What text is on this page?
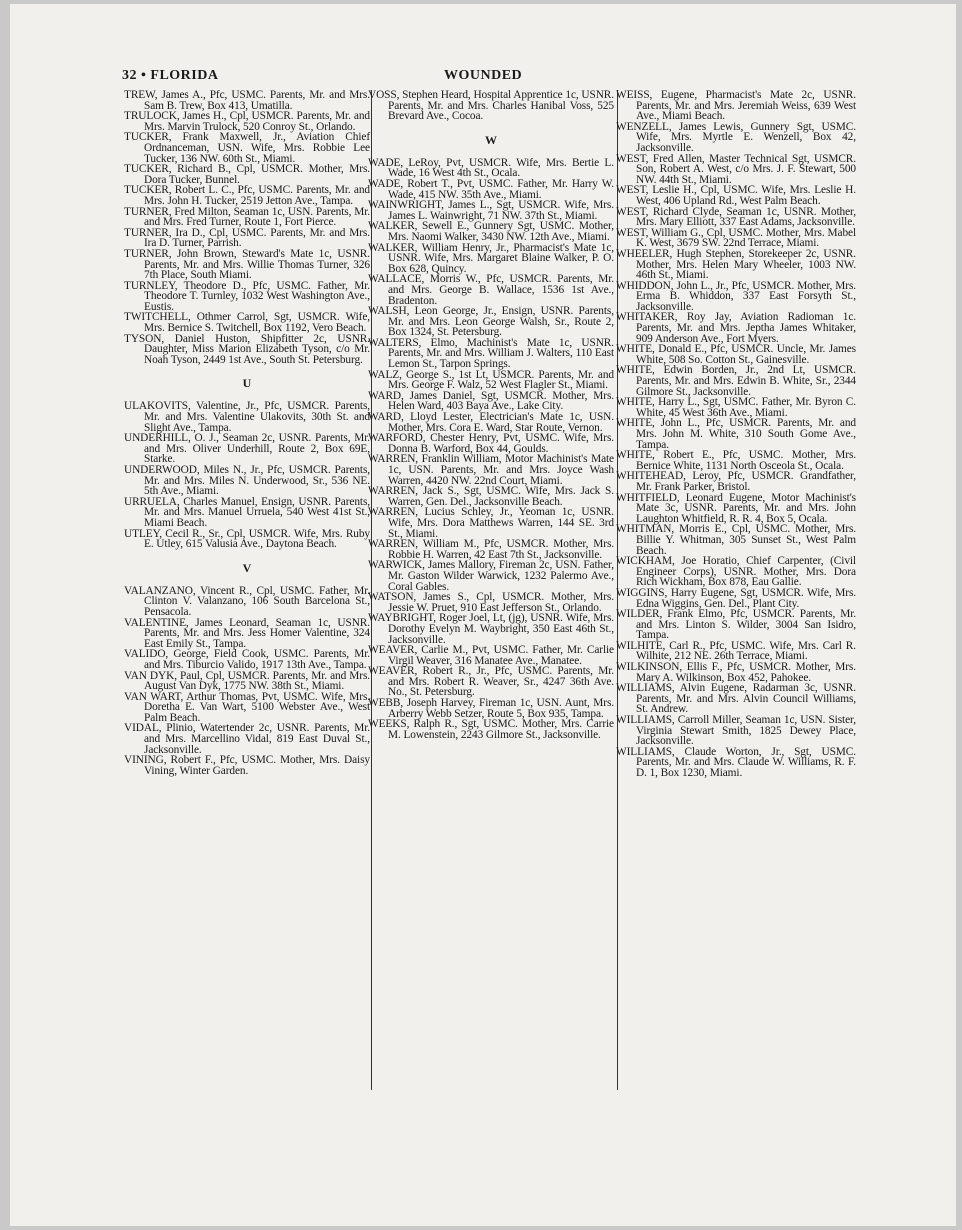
32 • FLORIDA	WOUNDED

TREW, James A., Pfc, USMC. Parents, Mr. and Mrs. Sam B. Trew, Box 413, Umatilla.

TRULOCK, James H., Cpl, USMCR. Parents, Mr. and Mrs. Marvin Trulock, 520 Conroy St., Orlando.

TUCKER, Frank Maxwell, Jr., Aviation Chief Ordnanceman, USN. Wife, Mrs. Robbie Lee Tucker, 136 NW. 60th St., Miami.

TUCKER, Richard B., Cpl, USMCR. Mother, Mrs. Dora Tucker, Bunnel.

TUCKER, Robert L. C., Pfc, USMC. Parents, Mr. and Mrs. John H. Tucker, 2519 Jetton Ave., Tampa.

TURNER, Fred Milton, Seaman 1c, USN. Parents, Mr. and Mrs. Fred Turner, Route 1, Fort Pierce.

TURNER, Ira D., Cpl, USMC. Parents, Mr. and Mrs. Ira D. Turner, Parrish.

TURNER, John Brown, Steward's Mate 1c, USNR. Parents, Mr. and Mrs. Willie Thomas Turner, 326 7th Place, South Miami.

TURNLEY, Theodore D., Pfc, USMC. Father, Mr. Theodore T. Turnley, 1032 West Washington Ave., Eustis.

TWITCHELL, Othmer Carrol, Sgt, USMCR. Wife, Mrs. Bernice S. Twitchell, Box 1192, Vero Beach.

TYSON, Daniel Huston, Shipfitter 2c, USNR. Daughter, Miss Marion Elizabeth Tyson, c/o Mr. Noah Tyson, 2449 1st Ave., South St. Petersburg.

U

ULAKOVITS, Valentine, Jr., Pfc, USMCR. Parents, Mr. and Mrs. Valentine Ulakovits, 30th St. and Slight Ave., Tampa.

UNDERHILL, O. J., Seaman 2c, USNR. Parents, Mr. and Mrs. Oliver Underhill, Route 2, Box 69E, Starke.

UNDERWOOD, Miles N., Jr., Pfc, USMCR. Parents, Mr. and Mrs. Miles N. Underwood, Sr., 536 NE. 5th Ave., Miami.

URRUELA, Charles Manuel, Ensign, USNR. Parents, Mr. and Mrs. Manuel Urruela, 540 West 41st St., Miami Beach.

UTLEY, Cecil R., Sr., Cpl, USMCR. Wife, Mrs. Ruby E. Utley, 615 Valusia Ave., Daytona Beach.

V

VALANZANO, Vincent R., Cpl, USMC. Father, Mr. Clinton V. Valanzano, 106 South Barcelona St., Pensacola.

VALENTINE, James Leonard, Seaman 1c, USNR. Parents, Mr. and Mrs. Jess Homer Valentine, 324 East Emily St., Tampa.

VALIDO, George, Field Cook, USMC. Parents, Mr. and Mrs. Tiburcio Valido, 1917 13th Ave., Tampa.

VAN DYK, Paul, Cpl, USMCR. Parents, Mr. and Mrs. August Van Dyk, 1775 NW. 38th St., Miami.

VAN WART, Arthur Thomas, Pvt, USMC. Wife, Mrs. Doretha E. Van Wart, 5100 Webster Ave., West Palm Beach.

VIDAL, Plinio, Watertender 2c, USNR. Parents, Mr. and Mrs. Marcellino Vidal, 819 East Duval St., Jacksonville.

VINING, Robert F., Pfc, USMC. Mother, Mrs. Daisy Vining, Winter Garden.

VOSS, Stephen Heard, Hospital Apprentice 1c, USNR. Parents, Mr. and Mrs. Charles Hanibal Voss, 525 Brevard Ave., Cocoa.

W

WADE, LeRoy, Pvt, USMCR. Wife, Mrs. Bertie L. Wade, 16 West 4th St., Ocala.

WADE, Robert T., Pvt, USMC. Father, Mr. Harry W. Wade, 415 NW. 35th Ave., Miami.

WAINWRIGHT, James L., Sgt, USMCR. Wife, Mrs. James L. Wainwright, 71 NW. 37th St., Miami.

WALKER, Sewell E., Gunnery Sgt, USMC. Mother, Mrs. Naomi Walker, 3430 NW. 12th Ave., Miami.

WALKER, William Henry, Jr., Pharmacist's Mate 1c, USNR. Wife, Mrs. Margaret Blaine Walker, P. O. Box 628, Quincy.

WALLACE, Morris W., Pfc, USMCR. Parents, Mr. and Mrs. George B. Wallace, 1536 1st Ave., Bradenton.

WALSH, Leon George, Jr., Ensign, USNR. Parents, Mr. and Mrs. Leon George Walsh, Sr., Route 2, Box 1324, St. Petersburg.

WALTERS, Elmo, Machinist's Mate 1c, USNR. Parents, Mr. and Mrs. William J. Walters, 110 East Lemon St., Tarpon Springs.

WALZ, George S., 1st Lt, USMCR. Parents, Mr. and Mrs. George F. Walz, 52 West Flagler St., Miami.

WARD, James Daniel, Sgt, USMCR. Mother, Mrs. Helen Ward, 403 Baya Ave., Lake City.

WARD, Lloyd Lester, Electrician's Mate 1c, USN. Mother, Mrs. Cora E. Ward, Star Route, Vernon.

WARFORD, Chester Henry, Pvt, USMC. Wife, Mrs. Donna B. Warford, Box 44, Goulds.

WARREN, Franklin William, Motor Machinist's Mate 1c, USN. Parents, Mr. and Mrs. Joyce Wash Warren, 4420 NW. 22nd Court, Miami.

WARREN, Jack S., Sgt, USMC. Wife, Mrs. Jack S. Warren, Gen. Del., Jacksonville Beach.

WARREN, Lucius Schley, Jr., Yeoman 1c, USNR. Wife, Mrs. Dora Matthews Warren, 144 SE. 3rd St., Miami.

WARREN, William M., Pfc, USMCR. Mother, Mrs. Robbie H. Warren, 42 East 7th St., Jacksonville.

WARWICK, James Mallory, Fireman 2c, USN. Father, Mr. Gaston Wilder Warwick, 1232 Palermo Ave., Coral Gables.

WATSON, James S., Cpl, USMCR. Mother, Mrs. Jessie W. Pruet, 910 East Jefferson St., Orlando.

WAYBRIGHT, Roger Joel, Lt, (jg), USNR. Wife, Mrs. Dorothy Evelyn M. Waybright, 350 East 46th St., Jacksonville.

WEAVER, Carlie M., Pvt, USMC. Father, Mr. Carlie Virgil Weaver, 316 Manatee Ave., Manatee.

WEAVER, Robert R., Jr., Pfc, USMC. Parents, Mr. and Mrs. Robert R. Weaver, Sr., 4247 36th Ave. No., St. Petersburg.

WEBB, Joseph Harvey, Fireman 1c, USN. Aunt, Mrs. Arberry Webb Setzer, Route 5, Box 935, Tampa.

WEEKS, Ralph R., Sgt, USMC. Mother, Mrs. Carrie M. Lowenstein, 2243 Gilmore St., Jacksonville.

WEISS, Eugene, Pharmacist's Mate 2c, USNR. Parents, Mr. and Mrs. Jeremiah Weiss, 639 West Ave., Miami Beach.

WENZELL, James Lewis, Gunnery Sgt, USMC. Wife, Mrs. Myrtle E. Wenzell, Box 42, Jacksonville.

WEST, Fred Allen, Master Technical Sgt, USMCR. Son, Robert A. West, c/o Mrs. J. F. Stewart, 500 NW. 44th St., Miami.

WEST, Leslie H., Cpl, USMC. Wife, Mrs. Leslie H. West, 406 Upland Rd., West Palm Beach.

WEST, Richard Clyde, Seaman 1c, USNR. Mother, Mrs. Mary Elliott, 337 East Adams, Jacksonville.

WEST, William G., Cpl, USMC. Mother, Mrs. Mabel K. West, 3679 SW. 22nd Terrace, Miami.

WHEELER, Hugh Stephen, Storekeeper 2c, USNR. Mother, Mrs. Helen Mary Wheeler, 1003 NW. 46th St., Miami.

WHIDDON, John L., Jr., Pfc, USMCR. Mother, Mrs. Erma B. Whiddon, 337 East Forsyth St., Jacksonville.

WHITAKER, Roy Jay, Aviation Radioman 1c. Parents, Mr. and Mrs. Jeptha James Whitaker, 909 Anderson Ave., Fort Myers.

WHITE, Donald E., Pfc, USMCR. Uncle, Mr. James White, 508 So. Cotton St., Gainesville.

WHITE, Edwin Borden, Jr., 2nd Lt, USMCR. Parents, Mr. and Mrs. Edwin B. White, Sr., 2344 Gilmore St., Jacksonville.

WHITE, Harry L., Sgt, USMC. Father, Mr. Byron C. White, 45 West 36th Ave., Miami.

WHITE, John L., Pfc, USMCR. Parents, Mr. and Mrs. John M. White, 310 South Gome Ave., Tampa.

WHITE, Robert E., Pfc, USMC. Mother, Mrs. Bernice White, 1131 North Osceola St., Ocala.

WHITEHEAD, Leroy, Pfc, USMCR. Grandfather, Mr. Frank Parker, Bristol.

WHITFIELD, Leonard Eugene, Motor Machinist's Mate 3c, USNR. Parents, Mr. and Mrs. John Laughton Whitfield, R. R. 4, Box 5, Ocala.

WHITMAN, Morris E., Cpl, USMC. Mother, Mrs. Billie Y. Whitman, 305 Sunset St., West Palm Beach.

WICKHAM, Joe Horatio, Chief Carpenter, (Civil Engineer Corps), USNR. Mother, Mrs. Dora Rich Wickham, Box 878, Eau Gallie.

WIGGINS, Harry Eugene, Sgt, USMCR. Wife, Mrs. Edna Wiggins, Gen. Del., Plant City.

WILDER, Frank Elmo, Pfc, USMCR. Parents, Mr. and Mrs. Linton S. Wilder, 3004 San Isidro, Tampa.

WILHITE, Carl R., Pfc, USMC. Wife, Mrs. Carl R. Wilhite, 212 NE. 26th Terrace, Miami.

WILKINSON, Ellis F., Pfc, USMCR. Mother, Mrs. Mary A. Wilkinson, Box 452, Pahokee.

WILLIAMS, Alvin Eugene, Radarman 3c, USNR. Parents, Mr. and Mrs. Alvin Council Williams, St. Andrew.

WILLIAMS, Carroll Miller, Seaman 1c, USN. Sister, Virginia Stewart Smith, 1825 Dewey Place, Jacksonville.

WILLIAMS, Claude Worton, Jr., Sgt, USMC. Parents, Mr. and Mrs. Claude W. Williams, R. F. D. 1, Box 1230, Miami.
